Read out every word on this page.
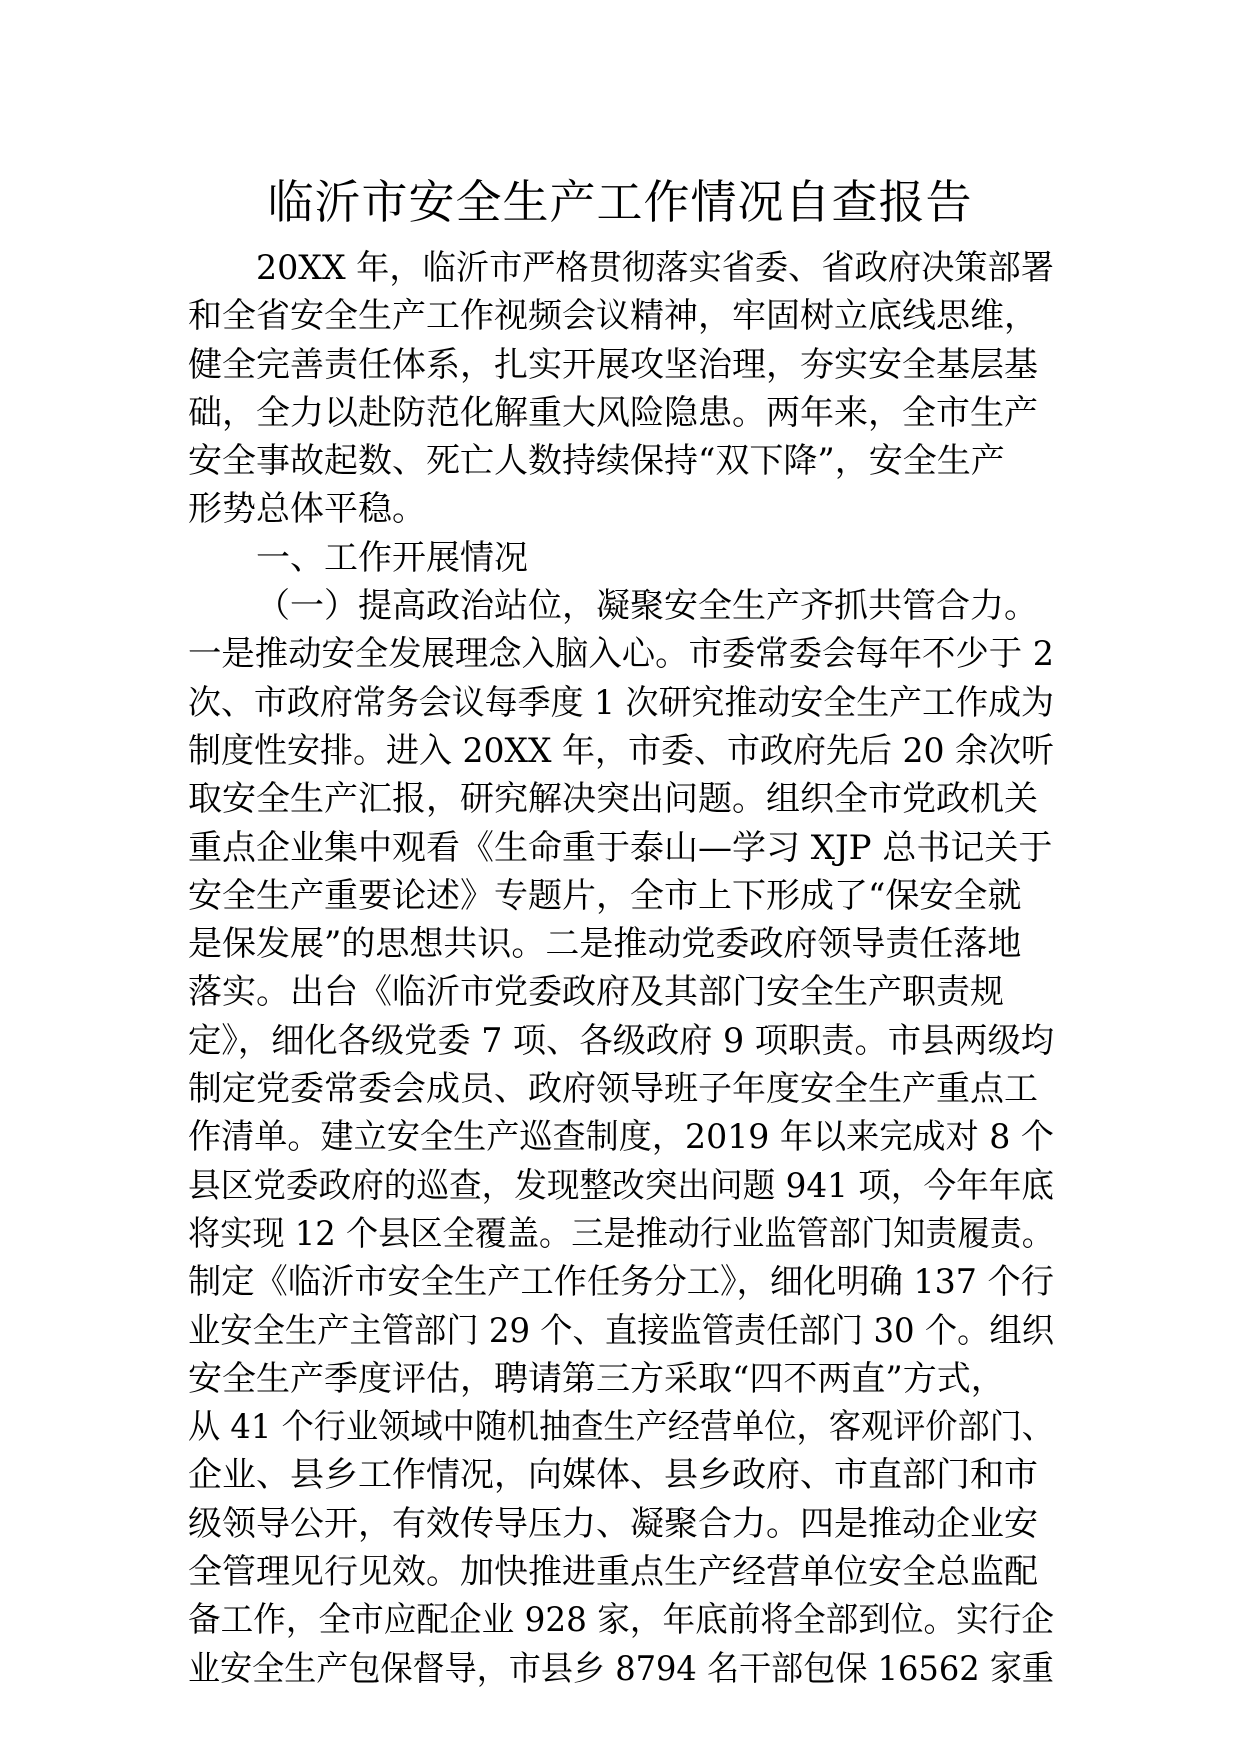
临沂市安全生产工作情况自查报告
20XX 年，临沂市严格贯彻落实省委、省政府决策部署
和全省安全生产工作视频会议精神，牢固树立底线思维，
健全完善责任体系，扎实开展攻坚治理，夯实安全基层基
础，全力以赴防范化解重大风险隐患。两年来，全市生产
安全事故起数、死亡人数持续保持“双下降”，安全生产
形势总体平稳。
一、工作开展情况
（一）提高政治站位，凝聚安全生产齐抓共管合力。
一是推动安全发展理念入脑入心。市委常委会每年不少于 2
次、市政府常务会议每季度 1 次研究推动安全生产工作成为
制度性安排。进入 20XX 年，市委、市政府先后 20 余次听
取安全生产汇报，研究解决突出问题。组织全市党政机关
重点企业集中观看《生命重于泰山—学习 XJP 总书记关于
安全生产重要论述》专题片，全市上下形成了“保安全就
是保发展”的思想共识。二是推动党委政府领导责任落地
落实。出台《临沂市党委政府及其部门安全生产职责规
定》，细化各级党委 7 项、各级政府 9 项职责。市县两级均
制定党委常委会成员、政府领导班子年度安全生产重点工
作清单。建立安全生产巡查制度，2019 年以来完成对 8 个
县区党委政府的巡查，发现整改突出问题 941 项，今年年底
将实现 12 个县区全覆盖。三是推动行业监管部门知责履责。
制定《临沂市安全生产工作任务分工》，细化明确 137 个行
业安全生产主管部门 29 个、直接监管责任部门 30 个。组织
安全生产季度评估，聘请第三方采取“四不两直”方式，
从 41 个行业领域中随机抽查生产经营单位，客观评价部门、
企业、县乡工作情况，向媒体、县乡政府、市直部门和市
级领导公开，有效传导压力、凝聚合力。四是推动企业安
全管理见行见效。加快推进重点生产经营单位安全总监配
备工作，全市应配企业 928 家，年底前将全部到位。实行企
业安全生产包保督导，市县乡 8794 名干部包保 16562 家重
